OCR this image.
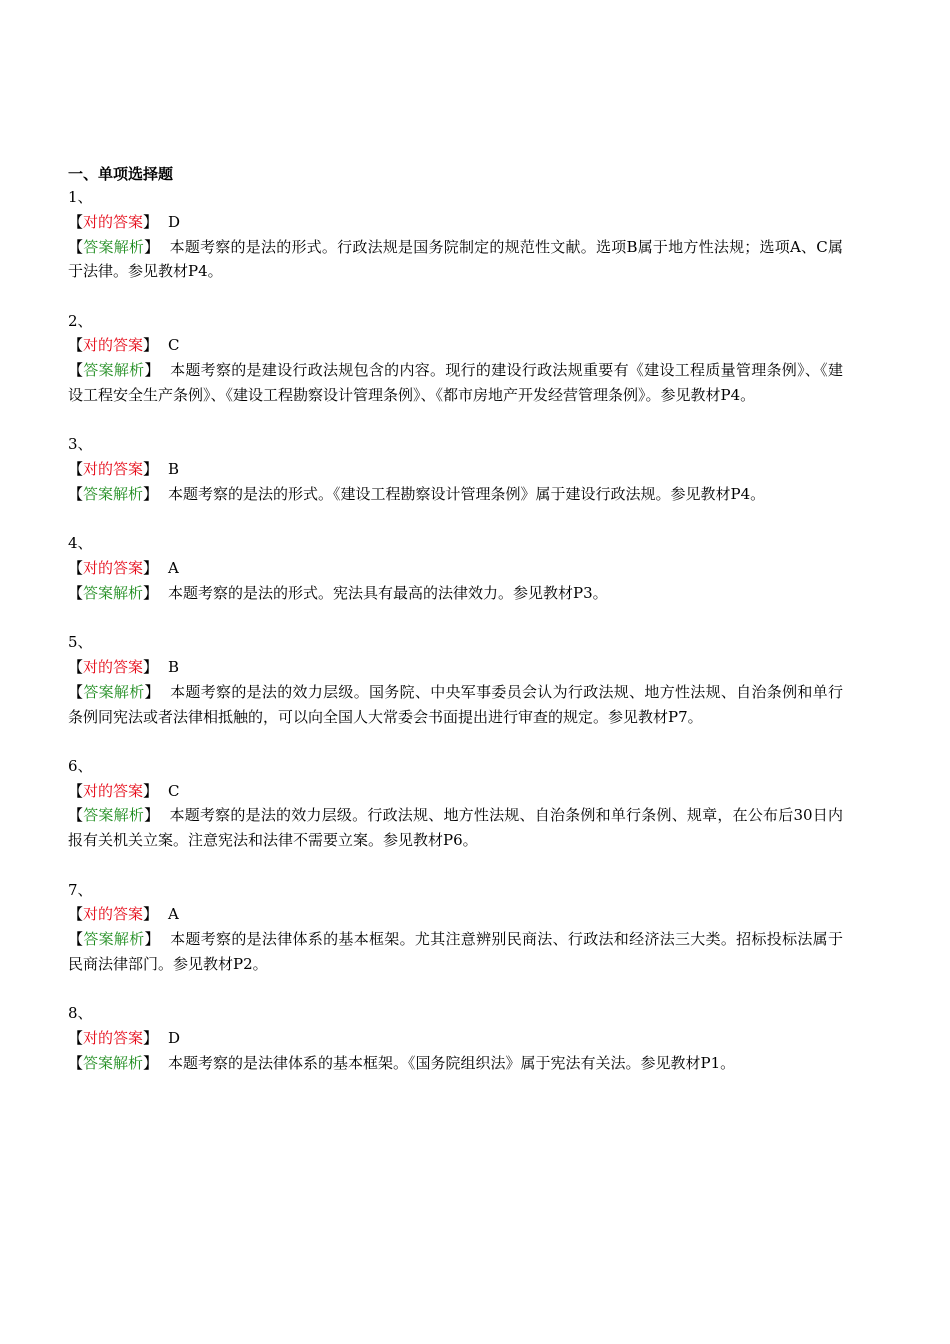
一、单项选择题

1、

【对的答案】 D

【答案解析】 本题考察的是法的形式。行政法规是国务院制定的规范性文献。选项B属于地方性法规；选项A、C属于法律。参见教材P4。

2、

【对的答案】 C

【答案解析】 本题考察的是建设行政法规包含的内容。现行的建设行政法规重要有《建设工程质量管理条例》、《建设工程安全生产条例》、《建设工程勘察设计管理条例》、《都市房地产开发经营管理条例》。参见教材P4。

3、

【对的答案】 B

【答案解析】 本题考察的是法的形式。《建设工程勘察设计管理条例》属于建设行政法规。参见教材P4。

4、

【对的答案】 A

【答案解析】 本题考察的是法的形式。宪法具有最高的法律效力。参见教材P3。

5、

【对的答案】 B

【答案解析】 本题考察的是法的效力层级。国务院、中央军事委员会认为行政法规、地方性法规、自治条例和单行条例同宪法或者法律相抵触的，可以向全国人大常委会书面提出进行审查的规定。参见教材P7。

6、

【对的答案】 C

【答案解析】 本题考察的是法的效力层级。行政法规、地方性法规、自治条例和单行条例、规章，在公布后30日内报有关机关立案。注意宪法和法律不需要立案。参见教材P6。

7、

【对的答案】 A

【答案解析】 本题考察的是法律体系的基本框架。尤其注意辨别民商法、行政法和经济法三大类。招标投标法属于民商法律部门。参见教材P2。

8、

【对的答案】 D

【答案解析】 本题考察的是法律体系的基本框架。《国务院组织法》属于宪法有关法。参见教材P1。
